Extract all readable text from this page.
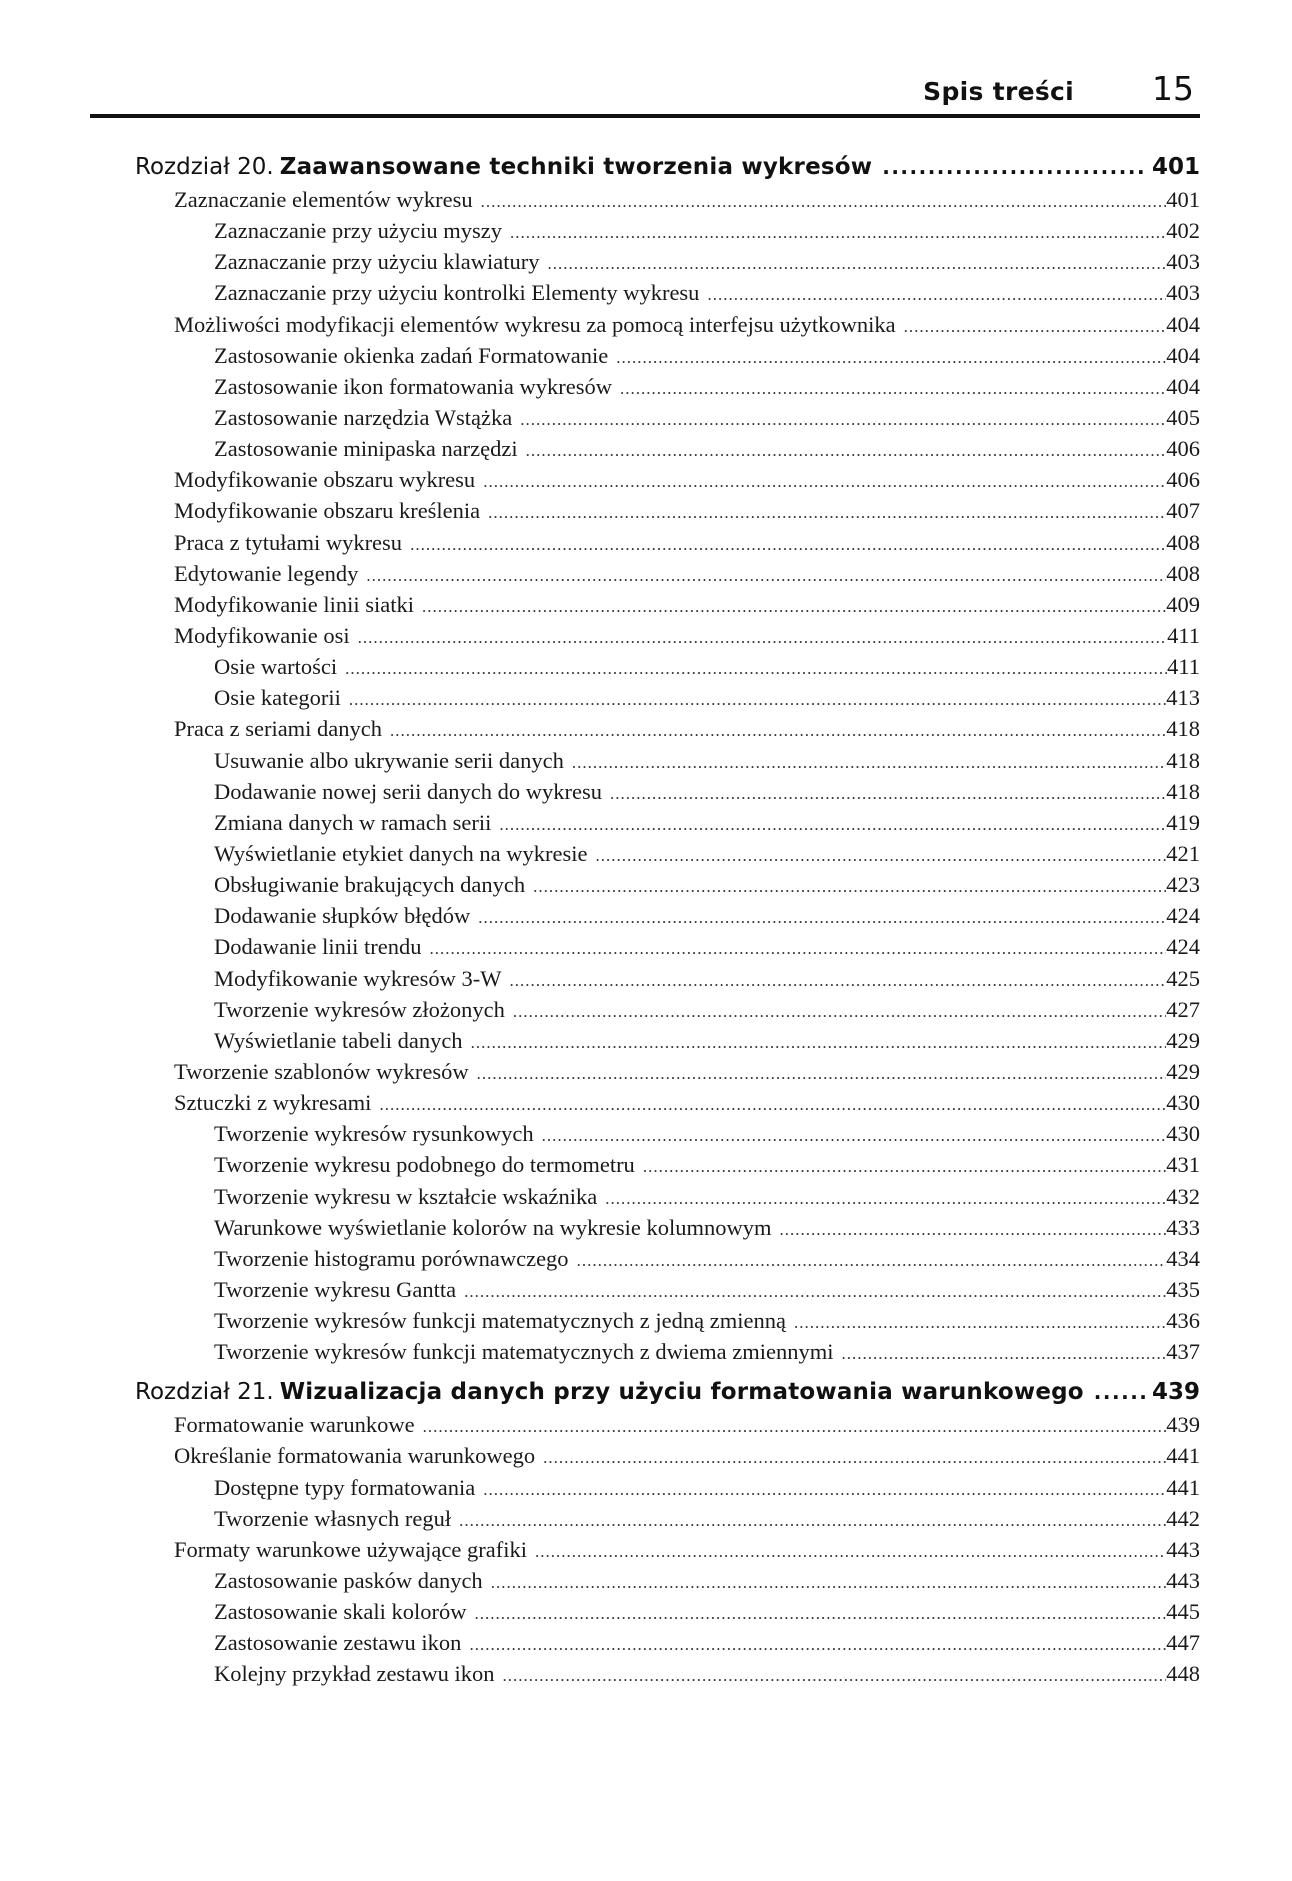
Spis treści 15
Rozdział 20. Zaawansowane techniki tworzenia wykresów .....	401
Zaznaczanie elementów wykresu .....	401
Zaznaczanie przy użyciu myszy .....	402
Zaznaczanie przy użyciu klawiatury .....	403
Zaznaczanie przy użyciu kontrolki Elementy wykresu .....	403
Możliwości modyfikacji elementów wykresu za pomocą interfejsu użytkownika .....	404
Zastosowanie okienka zadań Formatowanie .....	404
Zastosowanie ikon formatowania wykresów .....	404
Zastosowanie narzędzia Wstążka .....	405
Zastosowanie minipaska narzędzi .....	406
Modyfikowanie obszaru wykresu .....	406
Modyfikowanie obszaru kreślenia .....	407
Praca z tytułami wykresu .....	408
Edytowanie legendy .....	408
Modyfikowanie linii siatki .....	409
Modyfikowanie osi .....	411
Osie wartości .....	411
Osie kategorii .....	413
Praca z seriami danych .....	418
Usuwanie albo ukrywanie serii danych .....	418
Dodawanie nowej serii danych do wykresu .....	418
Zmiana danych w ramach serii .....	419
Wyświetlanie etykiet danych na wykresie .....	421
Obsługiwanie brakujących danych .....	423
Dodawanie słupków błędów .....	424
Dodawanie linii trendu .....	424
Modyfikowanie wykresów 3-W .....	425
Tworzenie wykresów złożonych .....	427
Wyświetlanie tabeli danych .....	429
Tworzenie szablonów wykresów .....	429
Sztuczki z wykresami .....	430
Tworzenie wykresów rysunkowych .....	430
Tworzenie wykresu podobnego do termometru .....	431
Tworzenie wykresu w kształcie wskaźnika .....	432
Warunkowe wyświetlanie kolorów na wykresie kolumnowym .....	433
Tworzenie histogramu porównawczego .....	434
Tworzenie wykresu Gantta .....	435
Tworzenie wykresów funkcji matematycznych z jedną zmienną .....	436
Tworzenie wykresów funkcji matematycznych z dwiema zmiennymi .....	437
Rozdział 21. Wizualizacja danych przy użyciu formatowania warunkowego .....	439
Formatowanie warunkowe .....	439
Określanie formatowania warunkowego .....	441
Dostępne typy formatowania .....	441
Tworzenie własnych reguł .....	442
Formaty warunkowe używające grafiki .....	443
Zastosowanie pasków danych .....	443
Zastosowanie skali kolorów .....	445
Zastosowanie zestawu ikon .....	447
Kolejny przykład zestawu ikon .....	448
